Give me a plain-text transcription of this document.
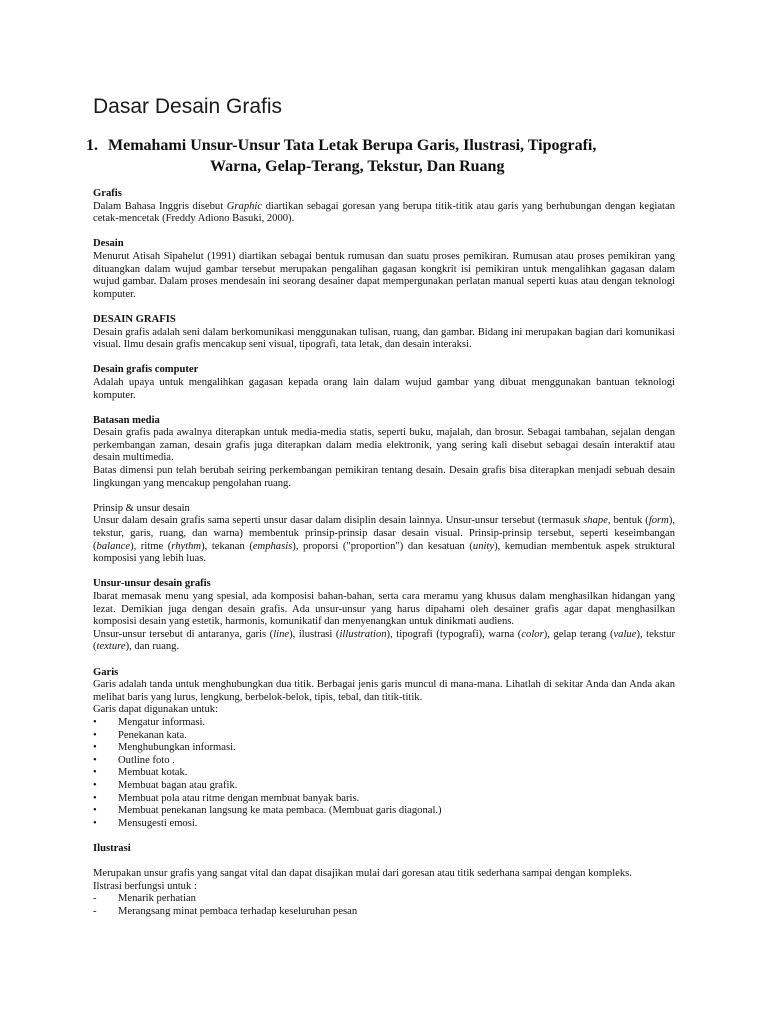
Dasar Desain Grafis
1. Memahami Unsur-Unsur Tata Letak Berupa Garis, Ilustrasi, Tipografi,
Warna, Gelap-Terang, Tekstur, Dan Ruang
Grafis
Dalam Bahasa Inggris disebut Graphic diartikan sebagai goresan yang berupa titik-titik atau garis yang berhubungan dengan kegiatan cetak-mencetak (Freddy Adiono Basuki, 2000).
Desain
Menurut Atisah Sipahelut (1991) diartikan sebagai bentuk rumusan dan suatu proses pemikiran. Rumusan atau proses pemikiran yang dituangkan dalam wujud gambar tersebut merupakan pengalihan gagasan kongkrit isi pemikiran untuk mengalihkan gagasan dalam wujud gambar. Dalam proses mendesain ini seorang desainer dapat mempergunakan perlatan manual seperti kuas atau dengan teknologi komputer.
DESAIN GRAFIS
Desain grafis adalah seni dalam berkomunikasi menggunakan tulisan, ruang, dan gambar. Bidang ini merupakan bagian dari komunikasi visual. Ilmu desain grafis mencakup seni visual, tipografi, tata letak, dan desain interaksi.
Desain grafis computer
Adalah upaya untuk mengalihkan gagasan kepada orang lain dalam wujud gambar yang dibuat menggunakan bantuan teknologi komputer.
Batasan media
Desain grafis pada awalnya diterapkan untuk media-media statis, seperti buku, majalah, dan brosur. Sebagai tambahan, sejalan dengan perkembangan zaman, desain grafis juga diterapkan dalam media elektronik, yang sering kali disebut sebagai desain interaktif atau desain multimedia.
Batas dimensi pun telah berubah seiring perkembangan pemikiran tentang desain. Desain grafis bisa diterapkan menjadi sebuah desain lingkungan yang mencakup pengolahan ruang.
Prinsip & unsur desain
Unsur dalam desain grafis sama seperti unsur dasar dalam disiplin desain lainnya. Unsur-unsur tersebut (termasuk shape, bentuk (form), tekstur, garis, ruang, dan warna) membentuk prinsip-prinsip dasar desain visual. Prinsip-prinsip tersebut, seperti keseimbangan (balance), ritme (rhythm), tekanan (emphasis), proporsi ("proportion") dan kesatuan (unity), kemudian membentuk aspek struktural komposisi yang lebih luas.
Unsur-unsur desain grafis
Ibarat memasak menu yang spesial, ada komposisi bahan-bahan, serta cara meramu yang khusus dalam menghasilkan hidangan yang lezat. Demikian juga dengan desain grafis. Ada unsur-unsur yang harus dipahami oleh desainer grafis agar dapat menghasilkan komposisi desain yang estetik, harmonis, komunikatif dan menyenangkan untuk dinikmati audiens.
Unsur-unsur tersebut di antaranya, garis (line), ilustrasi (illustration), tipografi (typografi), warna (color), gelap terang (value), tekstur (texture), dan ruang.
Garis
Garis adalah tanda untuk menghubungkan dua titik. Berbagai jenis garis muncul di mana-mana. Lihatlah di sekitar Anda dan Anda akan melihat baris yang lurus, lengkung, berbelok-belok, tipis, tebal, dan titik-titik.
Garis dapat digunakan untuk:
• Mengatur informasi.
• Penekanan kata.
• Menghubungkan informasi.
• Outline foto .
• Membuat kotak.
• Membuat bagan atau grafik.
• Membuat pola atau ritme dengan membuat banyak baris.
• Membuat penekanan langsung ke mata pembaca. (Membuat garis diagonal.)
• Mensugesti emosi.
Ilustrasi
Merupakan unsur grafis yang sangat vital dan dapat disajikan mulai dari goresan atau titik sederhana sampai dengan kompleks.
Ilstrasi berfungsi untuk :
- Menarik perhatian
- Merangsang minat pembaca terhadap keseluruhan pesan
